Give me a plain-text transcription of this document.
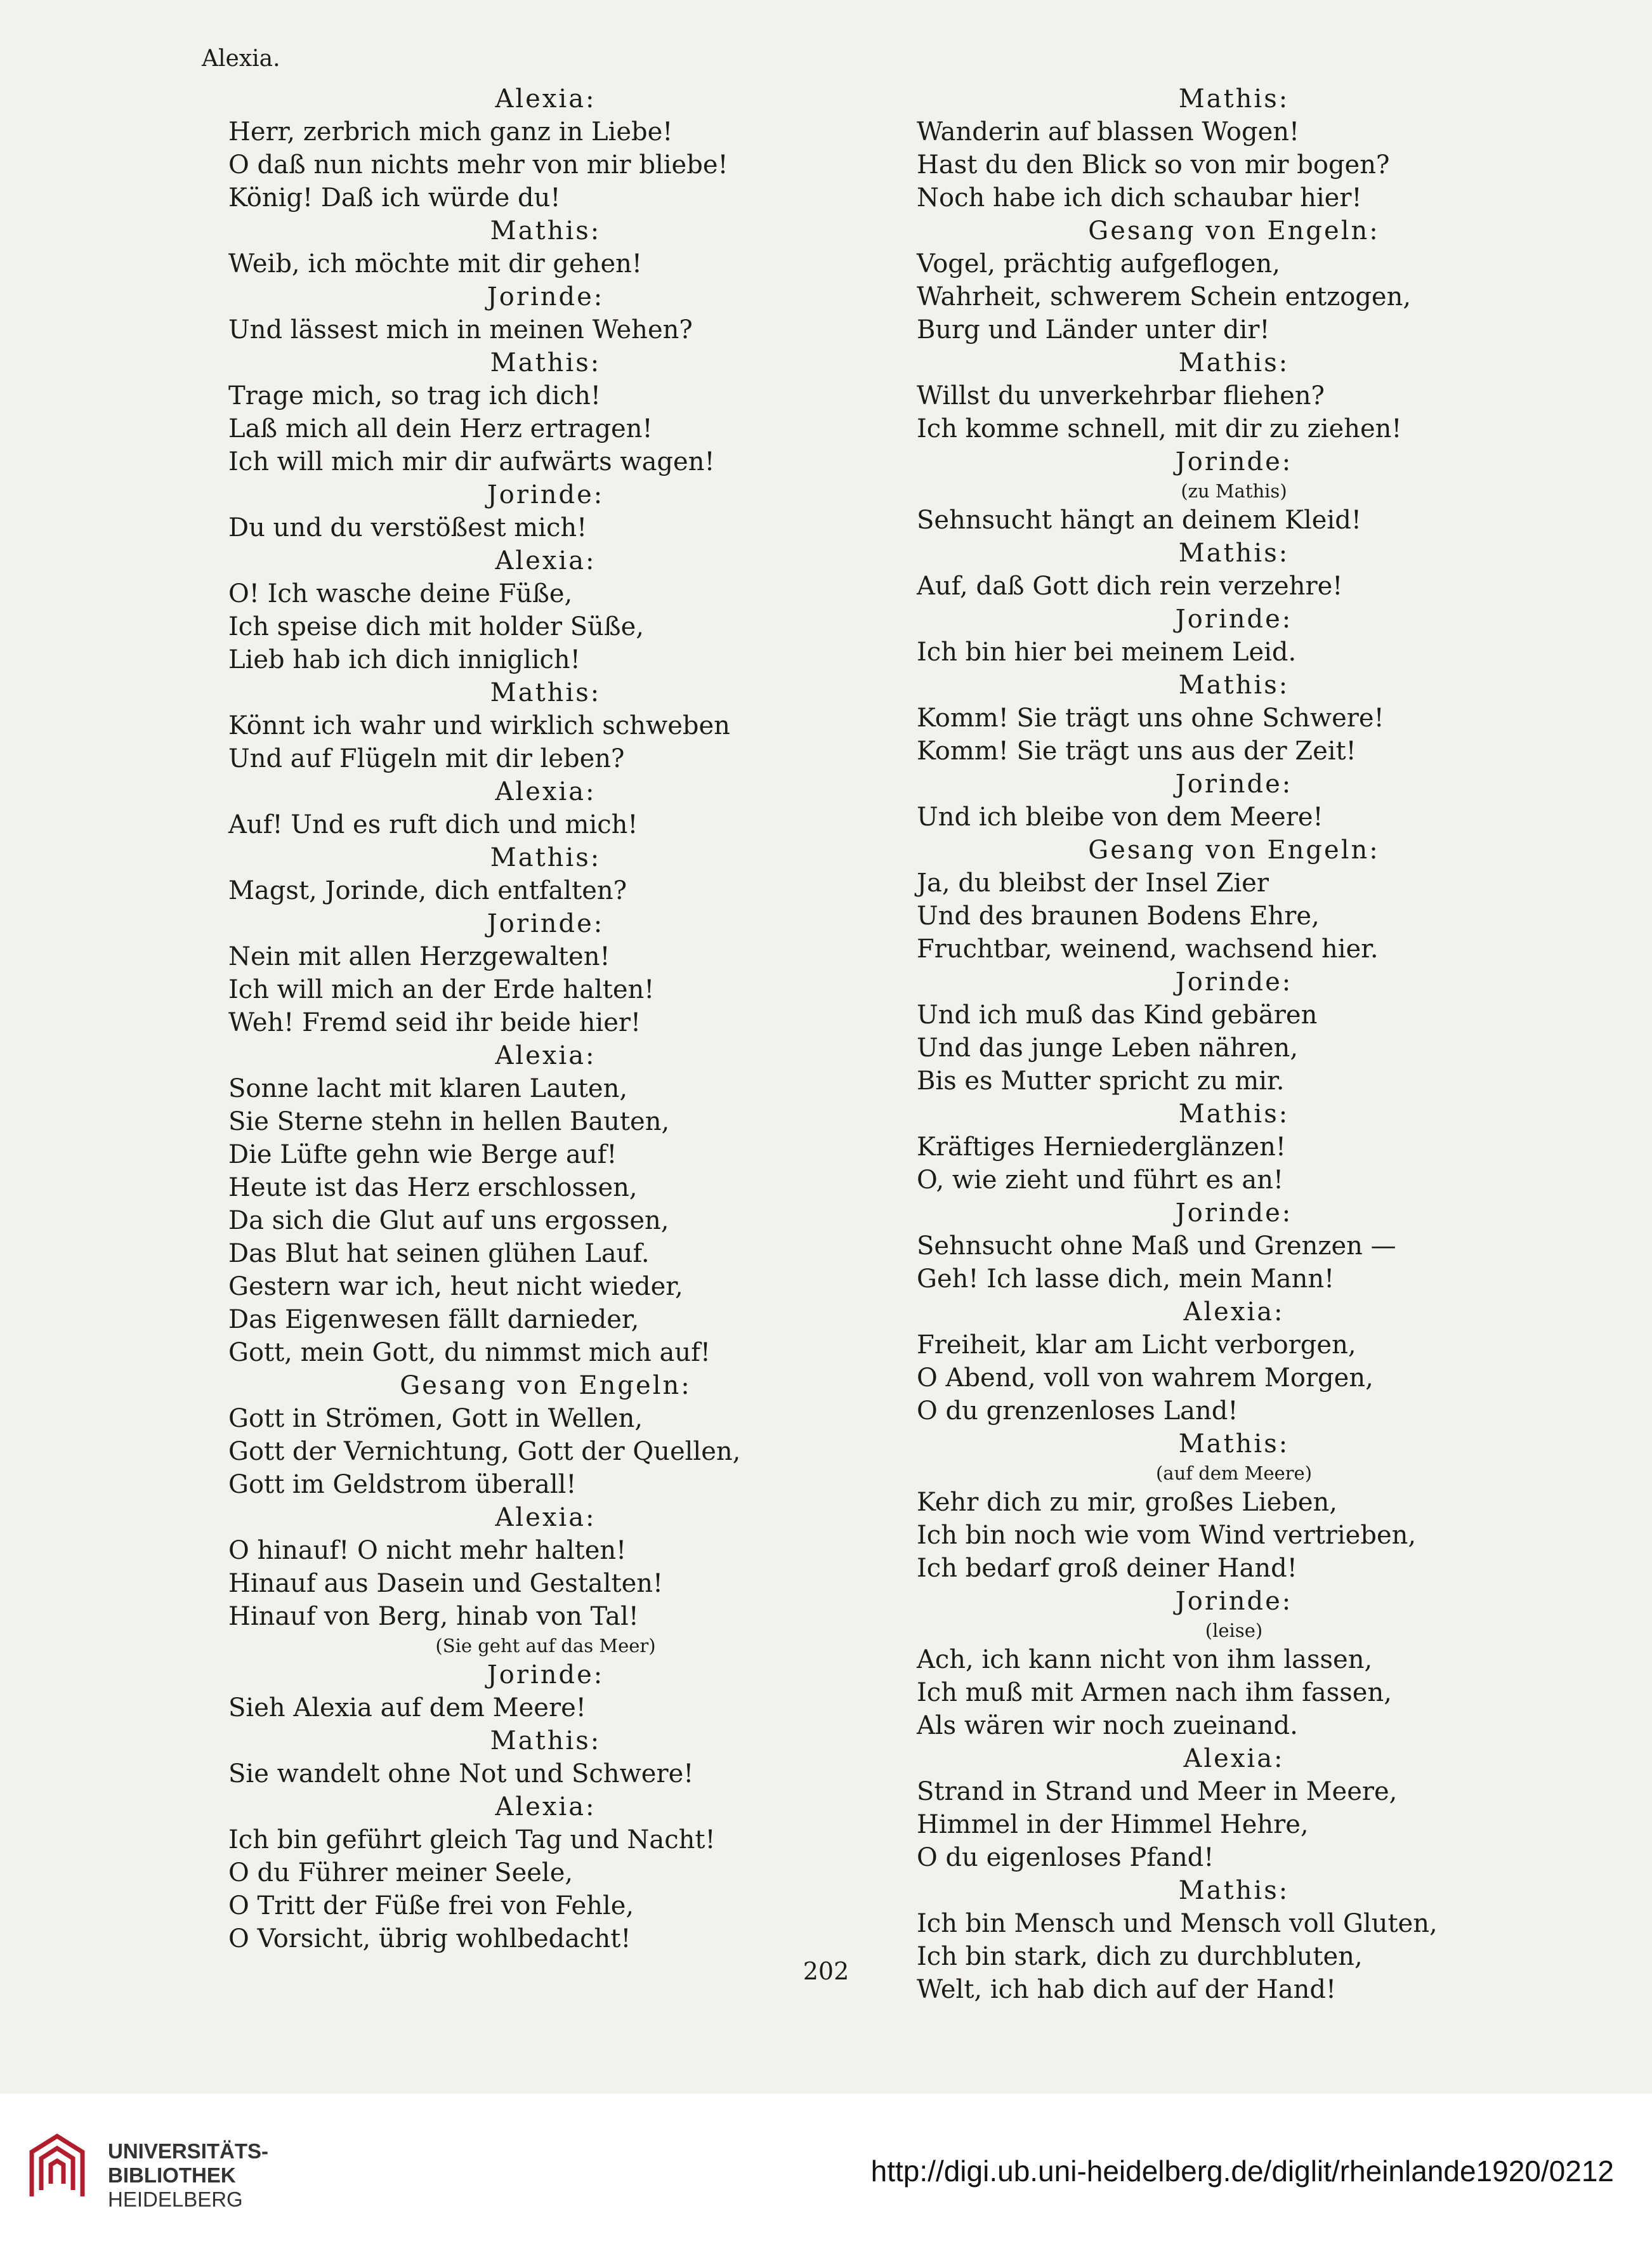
Alexia.
Alexia:
Herr, zerbrich mich ganz in Liebe!
O daß nun nichts mehr von mir bliebe!
König! Daß ich würde du!
Mathis:
Weib, ich möchte mit dir gehen!
Jorinde:
Und lässest mich in meinen Wehen?
Mathis:
Trage mich, so trag ich dich!
Laß mich all dein Herz ertragen!
Ich will mich mir dir aufwärts wagen!
Jorinde:
Du und du verstößest mich!
Alexia:
O! Ich wasche deine Füße,
Ich speise dich mit holder Süße,
Lieb hab ich dich inniglich!
Mathis:
Könnt ich wahr und wirklich schweben
Und auf Flügeln mit dir leben?
Alexia:
Auf! Und es ruft dich und mich!
Mathis:
Magst, Jorinde, dich entfalten?
Jorinde:
Nein mit allen Herzgewalten!
Ich will mich an der Erde halten!
Weh! Fremd seid ihr beide hier!
Alexia:
Sonne lacht mit klaren Lauten,
Sie Sterne stehn in hellen Bauten,
Die Lüfte gehn wie Berge auf!
Heute ist das Herz erschlossen,
Da sich die Glut auf uns ergossen,
Das Blut hat seinen glühen Lauf.
Gestern war ich, heut nicht wieder,
Das Eigenwesen fällt darnieder,
Gott, mein Gott, du nimmst mich auf!
Gesang von Engeln:
Gott in Strömen, Gott in Wellen,
Gott der Vernichtung, Gott der Quellen,
Gott im Geldstrom überall!
Alexia:
O hinauf! O nicht mehr halten!
Hinauf aus Dasein und Gestalten!
Hinauf von Berg, hinab von Tal!
(Sie geht auf das Meer)
Jorinde:
Sieh Alexia auf dem Meere!
Mathis:
Sie wandelt ohne Not und Schwere!
Alexia:
Ich bin geführt gleich Tag und Nacht!
O du Führer meiner Seele,
O Tritt der Füße frei von Fehle,
O Vorsicht, übrig wohlbedacht!
Mathis:
Wanderin auf blassen Wogen!
Hast du den Blick so von mir bogen?
Noch habe ich dich schaubar hier!
Gesang von Engeln:
Vogel, prächtig aufgeflogen,
Wahrheit, schwerem Schein entzogen,
Burg und Länder unter dir!
Mathis:
Willst du unverkehrbar fliehen?
Ich komme schnell, mit dir zu ziehen!
Jorinde:
(zu Mathis)
Sehnsucht hängt an deinem Kleid!
Mathis:
Auf, daß Gott dich rein verzehre!
Jorinde:
Ich bin hier bei meinem Leid.
Mathis:
Komm! Sie trägt uns ohne Schwere!
Komm! Sie trägt uns aus der Zeit!
Jorinde:
Und ich bleibe von dem Meere!
Gesang von Engeln:
Ja, du bleibst der Insel Zier
Und des braunen Bodens Ehre,
Fruchtbar, weinend, wachsend hier.
Jorinde:
Und ich muß das Kind gebären
Und das junge Leben nähren,
Bis es Mutter spricht zu mir.
Mathis:
Kräftiges Herniederglänzen!
O, wie zieht und führt es an!
Jorinde:
Sehnsucht ohne Maß und Grenzen —
Geh! Ich lasse dich, mein Mann!
Alexia:
Freiheit, klar am Licht verborgen,
O Abend, voll von wahrem Morgen,
O du grenzenloses Land!
Mathis:
(auf dem Meere)
Kehr dich zu mir, großes Lieben,
Ich bin noch wie vom Wind vertrieben,
Ich bedarf groß deiner Hand!
Jorinde:
(leise)
Ach, ich kann nicht von ihm lassen,
Ich muß mit Armen nach ihm fassen,
Als wären wir noch zueinand.
Alexia:
Strand in Strand und Meer in Meere,
Himmel in der Himmel Hehre,
O du eigenloses Pfand!
Mathis:
Ich bin Mensch und Mensch voll Gluten,
Ich bin stark, dich zu durchbluten,
Welt, ich hab dich auf der Hand!
202
UNIVERSITÄTS-
BIBLIOTHEK
HEIDELBERG
http://digi.ub.uni-heidelberg.de/diglit/rheinlande1920/0212
